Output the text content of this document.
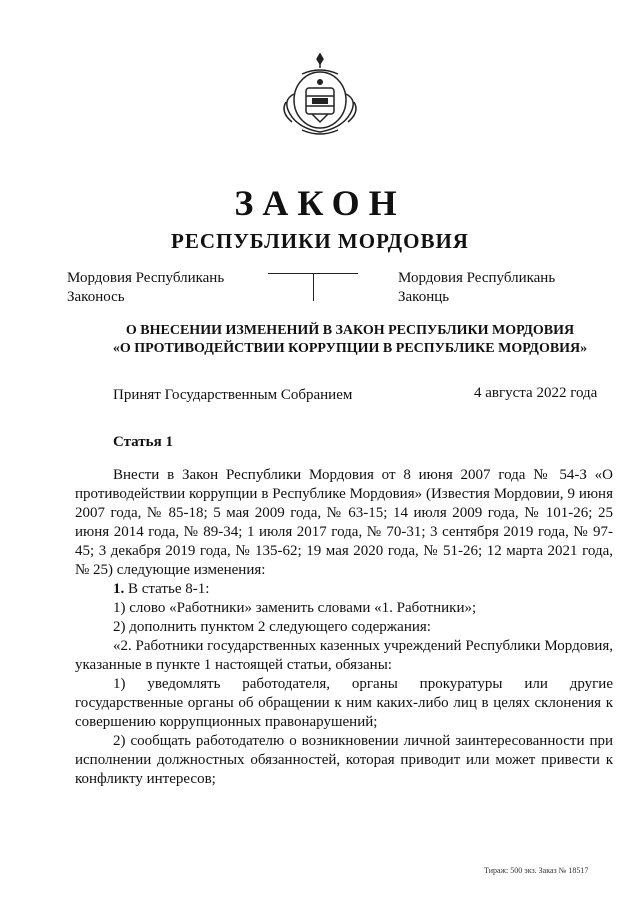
ЗАКОН
РЕСПУБЛИКИ МОРДОВИЯ
Мордовия Республикань
Законось
Мордовия Республикань
Законць
О ВНЕСЕНИИ ИЗМЕНЕНИЙ В ЗАКОН РЕСПУБЛИКИ МОРДОВИЯ
«О ПРОТИВОДЕЙСТВИИ КОРРУПЦИИ В РЕСПУБЛИКЕ МОРДОВИЯ»
Принят Государственным Собранием	4 августа 2022 года
Статья 1

Внести в Закон Республики Мордовия от 8 июня 2007 года № 54-З «О противодействии коррупции в Республике Мордовия» (Известия Мордовии, 9 июня 2007 года, № 85-18; 5 мая 2009 года, № 63-15; 14 июля 2009 года, № 101-26; 25 июня 2014 года, № 89-34; 1 июля 2017 года, № 70-31; 3 сентября 2019 года, № 97-45; 3 декабря 2019 года, № 135-62; 19 мая 2020 года, № 51-26; 12 марта 2021 года, № 25) следующие изменения:

1. В статье 8-1:

1) слово «Работники» заменить словами «1. Работники»;

2) дополнить пунктом 2 следующего содержания:

«2. Работники государственных казенных учреждений Республики Мордовия, указанные в пункте 1 настоящей статьи, обязаны:

1) уведомлять работодателя, органы прокуратуры или другие государственные органы об обращении к ним каких-либо лиц в целях склонения к совершению коррупционных правонарушений;

2) сообщать работодателю о возникновении личной заинтересованности при исполнении должностных обязанностей, которая приводит или может привести к конфликту интересов;

Тираж: 500 экз. Заказ № 18517
